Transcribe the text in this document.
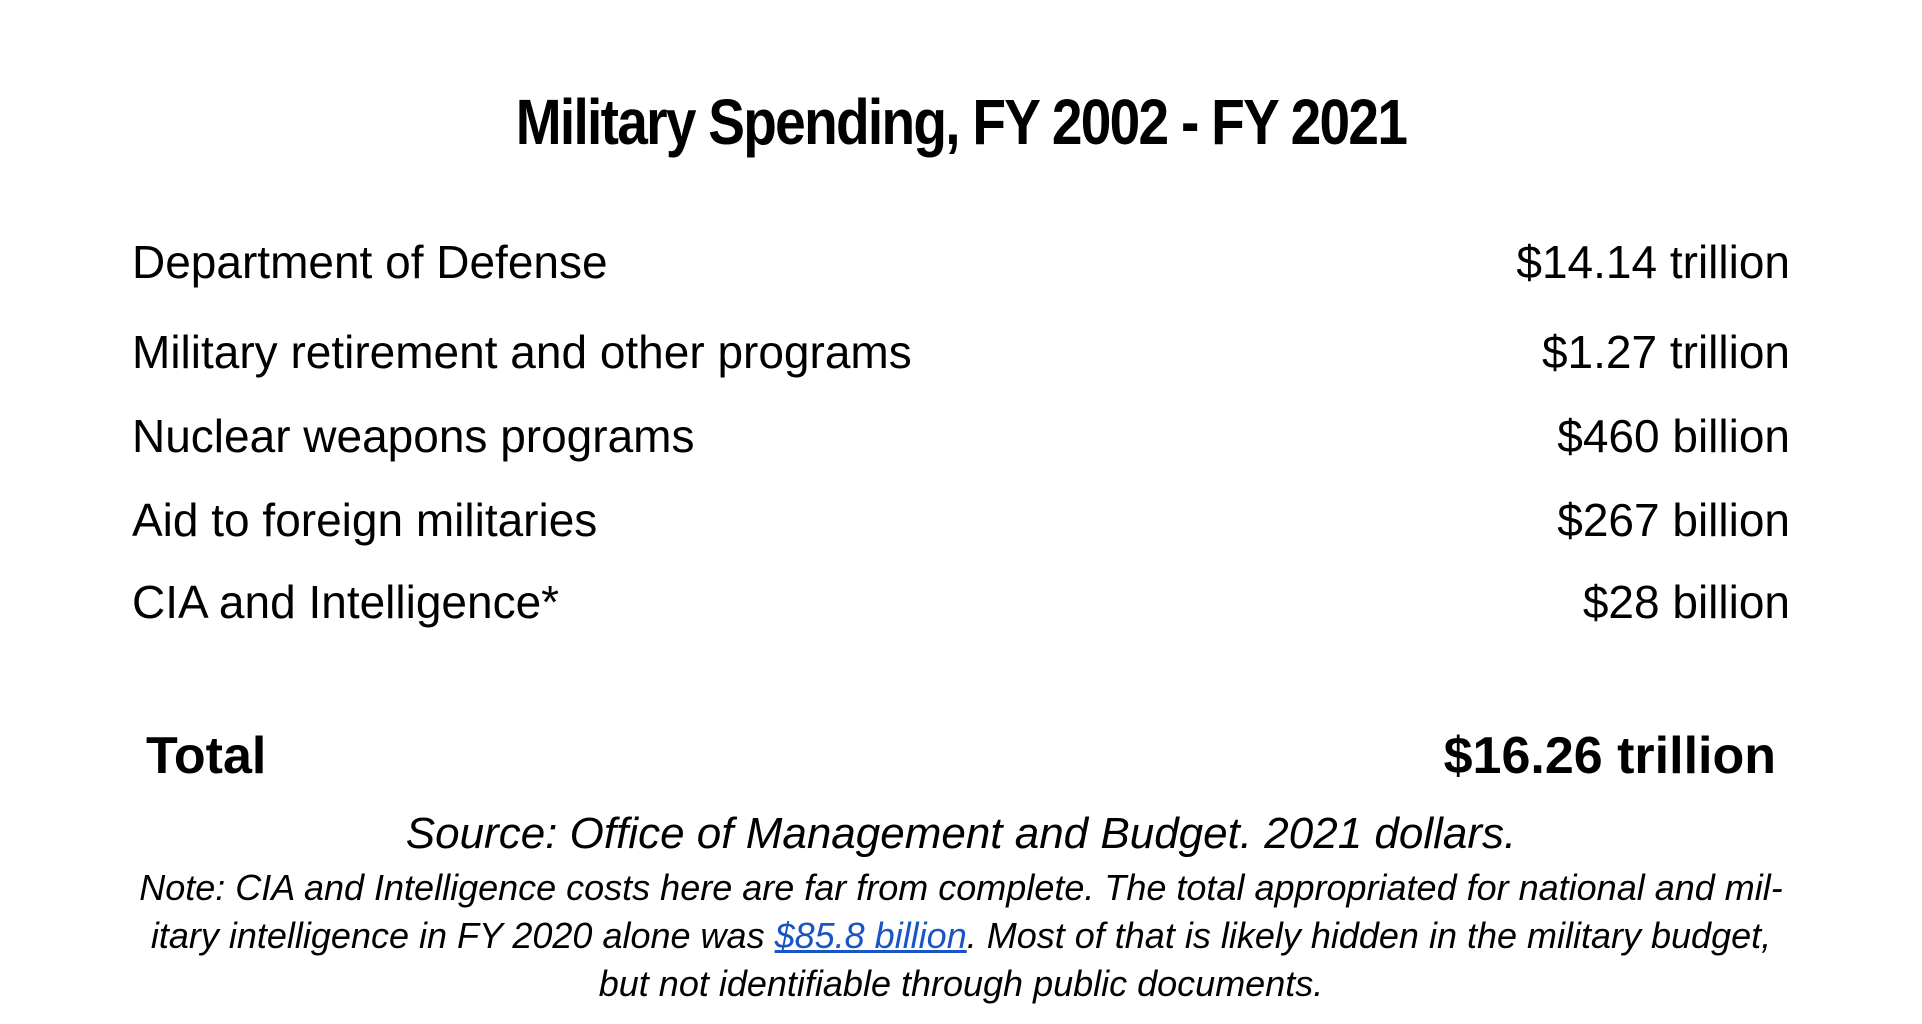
Military Spending, FY 2002 - FY 2021
Department of Defense	$14.14 trillion
Military retirement and other programs	$1.27 trillion
Nuclear weapons programs	$460 billion
Aid to foreign militaries	$267 billion
CIA and Intelligence*	$28 billion
Total	$16.26 trillion
Source: Office of Management and Budget. 2021 dollars.
Note: CIA and Intelligence costs here are far from complete. The total appropriated for national and mil-
itary intelligence in FY 2020 alone was $85.8 billion. Most of that is likely hidden in the military budget,
but not identifiable through public documents.
